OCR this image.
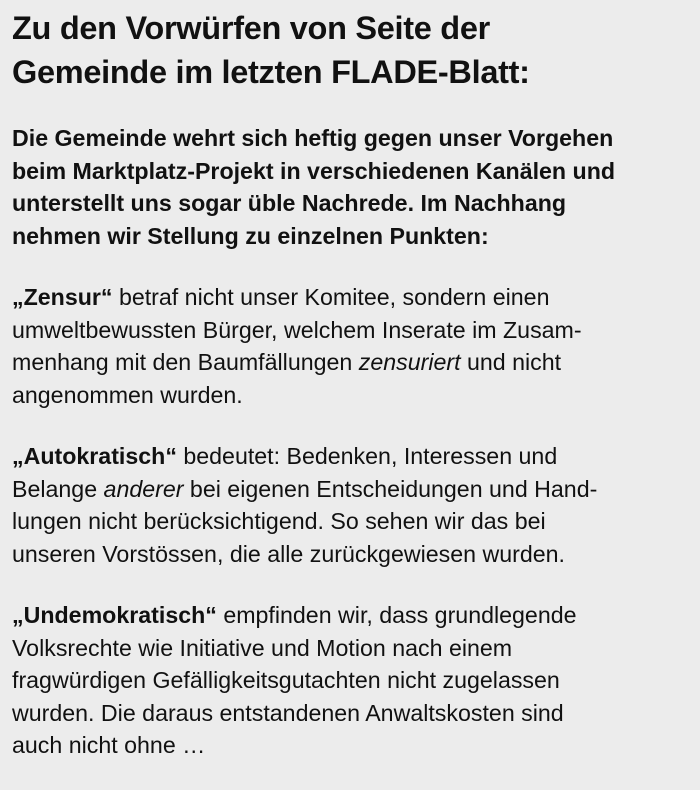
Zu den Vorwürfen von Seite der
Gemeinde im letzten FLADE-Blatt:

Die Gemeinde wehrt sich heftig gegen unser Vorgehen
beim Marktplatz-Projekt in verschiedenen Kanälen und
unterstellt uns sogar üble Nachrede. Im Nachhang
nehmen wir Stellung zu einzelnen Punkten:

„Zensur“ betraf nicht unser Komitee, sondern einen
umweltbewussten Bürger, welchem Inserate im Zusam-
menhang mit den Baumfällungen zensuriert und nicht
angenommen wurden.

„Autokratisch“ bedeutet: Bedenken, Interessen und
Belange anderer bei eigenen Entscheidungen und Hand-
lungen nicht berücksichtigend. So sehen wir das bei
unseren Vorstössen, die alle zurückgewiesen wurden.

„Undemokratisch“ empfinden wir, dass grundlegende
Volksrechte wie Initiative und Motion nach einem
fragwürdigen Gefälligkeitsgutachten nicht zugelassen
wurden. Die daraus entstandenen Anwaltskosten sind
auch nicht ohne …
